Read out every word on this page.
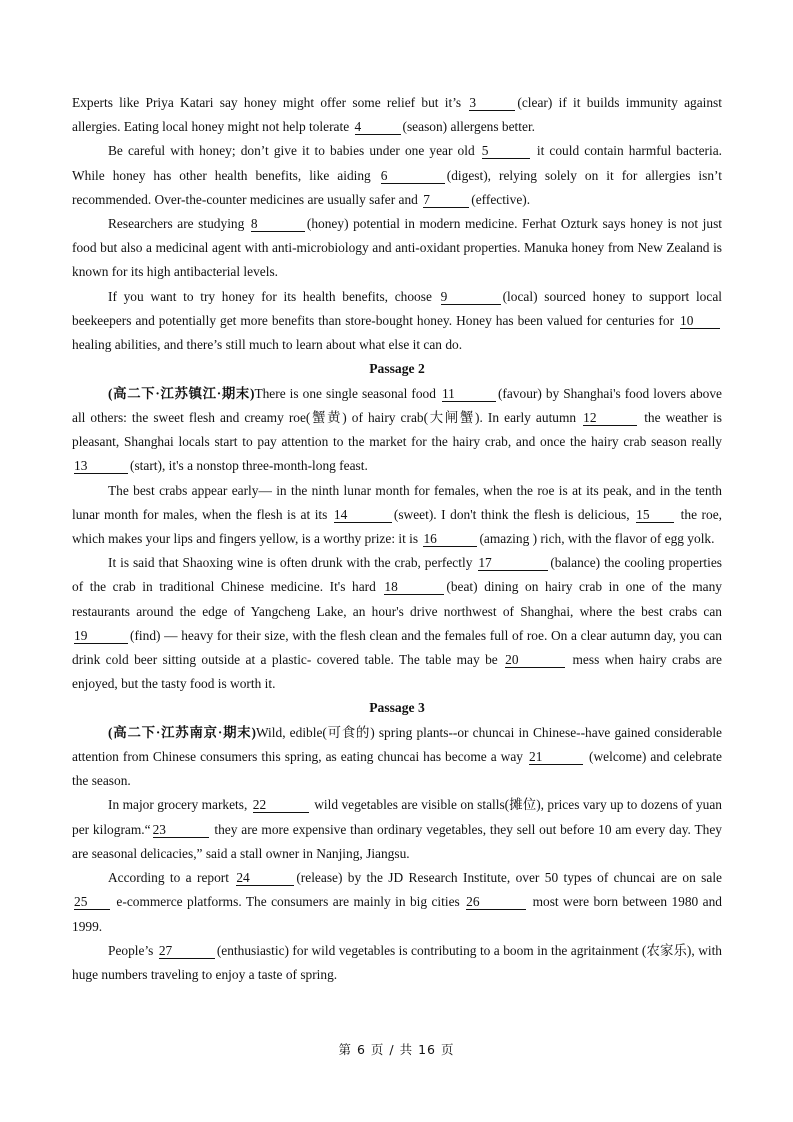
Experts like Priya Katari say honey might offer some relief but it’s 3	(clear) if it builds immunity against allergies. Eating local honey might not help tolerate 4	(season) allergens better.

Be careful with honey; don’t give it to babies under one year old 5	it could contain harmful bacteria. While honey has other health benefits, like aiding 6	(digest), relying solely on it for allergies isn’t recommended. Over-the-counter medicines are usually safer and 7	(effective).

Researchers are studying 8	(honey) potential in modern medicine. Ferhat Ozturk says honey is not just food but also a medicinal agent with anti-microbiology and anti-oxidant properties. Manuka honey from New Zealand is known for its high antibacterial levels.

If you want to try honey for its health benefits, choose 9	(local) sourced honey to support local beekeepers and potentially get more benefits than store-bought honey. Honey has been valued for centuries for 10 healing abilities, and there’s still much to learn about what else it can do.

Passage 2

(高二下·江苏镇江·期末)There is one single seasonal food 11	(favour) by Shanghai's food lovers above all others: the sweet flesh and creamy roe(蟹黄) of hairy crab(大闸蟹). In early autumn 12	the weather is pleasant, Shanghai locals start to pay attention to the market for the hairy crab, and once the hairy crab season really 13	(start), it's a nonstop three-month-long feast.

The best crabs appear early— in the ninth lunar month for females, when the roe is at its peak, and in the tenth lunar month for males, when the flesh is at its 14	(sweet). I don't think the flesh is delicious, 15 the roe, which makes your lips and fingers yellow, is a worthy prize: it is 16	(amazing ) rich, with the flavor of egg yolk.

It is said that Shaoxing wine is often drunk with the crab, perfectly 17	(balance) the cooling properties of the crab in traditional Chinese medicine. It's hard 18	(beat) dining on hairy crab in one of the many restaurants around the edge of Yangcheng Lake, an hour's drive northwest of Shanghai, where the best crabs can 19	(find) — heavy for their size, with the flesh clean and the females full of roe. On a clear autumn day, you can drink cold beer sitting outside at a plastic- covered table. The table may be 20	mess when hairy crabs are enjoyed, but the tasty food is worth it.

Passage 3

(高二下·江苏南京·期末)Wild, edible(可食的) spring plants--or chuncai in Chinese--have gained considerable attention from Chinese consumers this spring, as eating chuncai has become a way 21	(welcome) and celebrate the season.

In major grocery markets, 22	wild vegetables are visible on stalls(摊位), prices vary up to dozens of yuan per kilogram.“ 23	they are more expensive than ordinary vegetables, they sell out before 10 am every day. They are seasonal delicacies,” said a stall owner in Nanjing, Jiangsu.

According to a report 24	(release) by the JD Research Institute, over 50 types of chuncai are on sale 25 e-commerce platforms. The consumers are mainly in big cities 26	most were born between 1980 and 1999.

People’s 27	(enthusiastic) for wild vegetables is contributing to a boom in the agritainment (农家乐), with huge numbers traveling to enjoy a taste of spring.

第 6 页 / 共 16 页
